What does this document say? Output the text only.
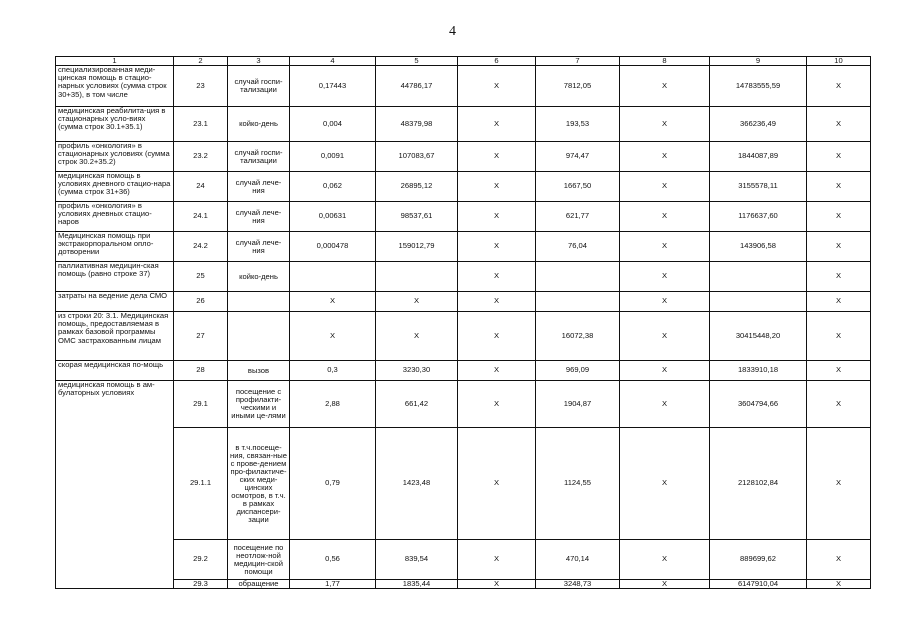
4
1	2	3	4	5	6	7	8	9	10
специализированная меди-цинская помощь в стацио-нарных условиях (сумма строк 30+35), в том числе	23	случай госпи-тализации	0,17443	44786,17	Х	7812,05	Х	14783555,59	Х
медицинская реабилита-ция в стационарных усло-виях (сумма строк 30.1+35.1)	23.1	койко-день	0,004	48379,98	Х	193,53	Х	366236,49	Х
профиль «онкология» в стационарных условиях (сумма строк 30.2+35.2)	23.2	случай госпи-тализации	0,0091	107083,67	Х	974,47	Х	1844087,89	Х
медицинская помощь в условиях дневного стацио-нара (сумма строк 31+36)	24	случай лече-ния	0,062	26895,12	Х	1667,50	Х	3155578,11	Х
профиль «онкология» в условиях дневных стацио-наров	24.1	случай лече-ния	0,00631	98537,61	Х	621,77	Х	1176637,60	Х
Медицинская помощь при экстракорпоральном опло-дотворении	24.2	случай лече-ния	0,000478	159012,79	Х	76,04	Х	143906,58	Х
паллиативная медицин-ская помощь (равно строке 37)	25	койко-день			Х		Х		Х
затраты на ведение дела СМО	26		Х	Х	Х		Х		Х
из строки 20: 3.1. Медицинская помощь, предоставляемая в рамках базовой программы ОМС застрахованным лицам	27		Х	Х	Х	16072,38	Х	30415448,20	Х
скорая медицинская по-мощь	28	вызов	0,3	3230,30	Х	969,09	Х	1833910,18	Х
медицинская помощь в ам-булаторных условиях	29.1	посещение с профилакти-ческими и иными це-лями	2,88	661,42	Х	1904,87	Х	3604794,66	Х
	29.1.1	в т.ч.посеще-ния, связан-ные с прове-дением про-филактиче-ских меди-цинских осмотров, в т.ч. в рамках диспансери-зации	0,79	1423,48	Х	1124,55	Х	2128102,84	Х
	29.2	посещение по неотлож-ной медицин-ской помощи	0,56	839,54	Х	470,14	Х	889699,62	Х
	29.3	обращение	1,77	1835,44	Х	3248,73	Х	6147910,04	Х
